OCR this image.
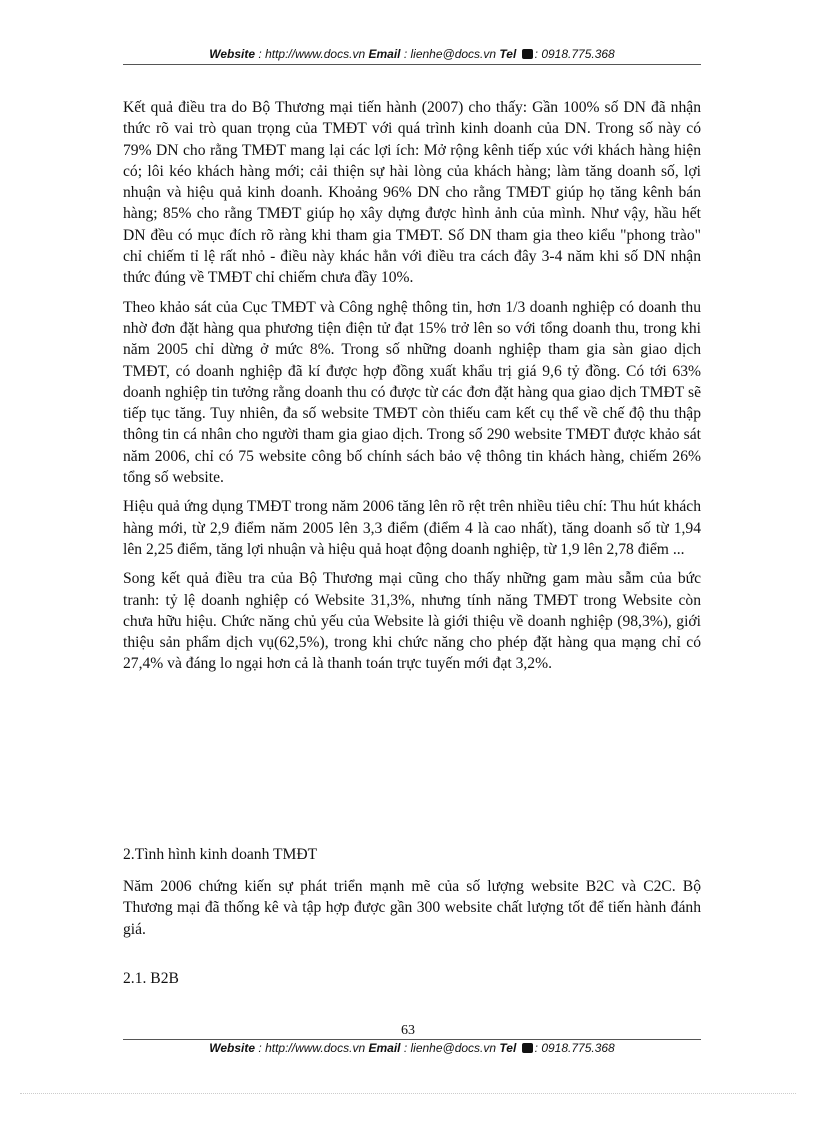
Website : http://www.docs.vn Email : lienhe@docs.vn Tel : 0918.775.368

Kết quả điều tra do Bộ Thương mại tiến hành (2007) cho thấy: Gần 100% số DN đã nhận thức rõ vai trò quan trọng của TMĐT với quá trình kinh doanh của DN. Trong số này có 79% DN cho rằng TMĐT mang lại các lợi ích: Mở rộng kênh tiếp xúc với khách hàng hiện có; lôi kéo khách hàng mới; cải thiện sự hài lòng của khách hàng; làm tăng doanh số, lợi nhuận và hiệu quả kinh doanh. Khoảng 96% DN cho rằng TMĐT giúp họ tăng kênh bán hàng; 85% cho rằng TMĐT giúp họ xây dựng được hình ảnh của mình. Như vậy, hầu hết DN đều có mục đích rõ ràng khi tham gia TMĐT. Số DN tham gia theo kiểu "phong trào" chỉ chiếm tỉ lệ rất nhỏ - điều này khác hẳn với điều tra cách đây 3-4 năm khi số DN nhận thức đúng về TMĐT chỉ chiếm chưa đầy 10%.

Theo khảo sát của Cục TMĐT và Công nghệ thông tin, hơn 1/3 doanh nghiệp có doanh thu nhờ đơn đặt hàng qua phương tiện điện tử đạt 15% trở lên so với tổng doanh thu, trong khi năm 2005 chỉ dừng ở mức 8%. Trong số những doanh nghiệp tham gia sàn giao dịch TMĐT, có doanh nghiệp đã kí được hợp đồng xuất khẩu trị giá 9,6 tỷ đồng. Có tới 63% doanh nghiệp tin tưởng rằng doanh thu có được từ các đơn đặt hàng qua giao dịch TMĐT sẽ tiếp tục tăng. Tuy nhiên, đa số website TMĐT còn thiếu cam kết cụ thể về chế độ thu thập thông tin cá nhân cho người tham gia giao dịch. Trong số 290 website TMĐT được khảo sát năm 2006, chỉ có 75 website công bố chính sách bảo vệ thông tin khách hàng, chiếm 26% tổng số website.

Hiệu quả ứng dụng TMĐT trong năm 2006 tăng lên rõ rệt trên nhiều tiêu chí: Thu hút khách hàng mới, từ 2,9 điểm năm 2005 lên 3,3 điểm (điểm 4 là cao nhất), tăng doanh số từ 1,94 lên 2,25 điểm, tăng lợi nhuận và hiệu quả hoạt động doanh nghiệp, từ 1,9 lên 2,78 điểm ...

Song kết quả điều tra của Bộ Thương mại cũng cho thấy những gam màu sẫm của bức tranh: tỷ lệ doanh nghiệp có Website 31,3%, nhưng tính năng TMĐT trong Website còn chưa hữu hiệu. Chức năng chủ yếu của Website là giới thiệu về doanh nghiệp (98,3%), giới thiệu sản phẩm dịch vụ(62,5%), trong khi chức năng cho phép đặt hàng qua mạng chỉ có 27,4% và đáng lo ngại hơn cả là thanh toán trực tuyến mới đạt 3,2%.

2.Tình hình kinh doanh TMĐT

Năm 2006 chứng kiến sự phát triển mạnh mẽ của số lượng website B2C và C2C. Bộ Thương mại đã thống kê và tập hợp được gần 300 website chất lượng tốt để tiến hành đánh giá.

2.1. B2B
63
Website : http://www.docs.vn Email : lienhe@docs.vn Tel : 0918.775.368
